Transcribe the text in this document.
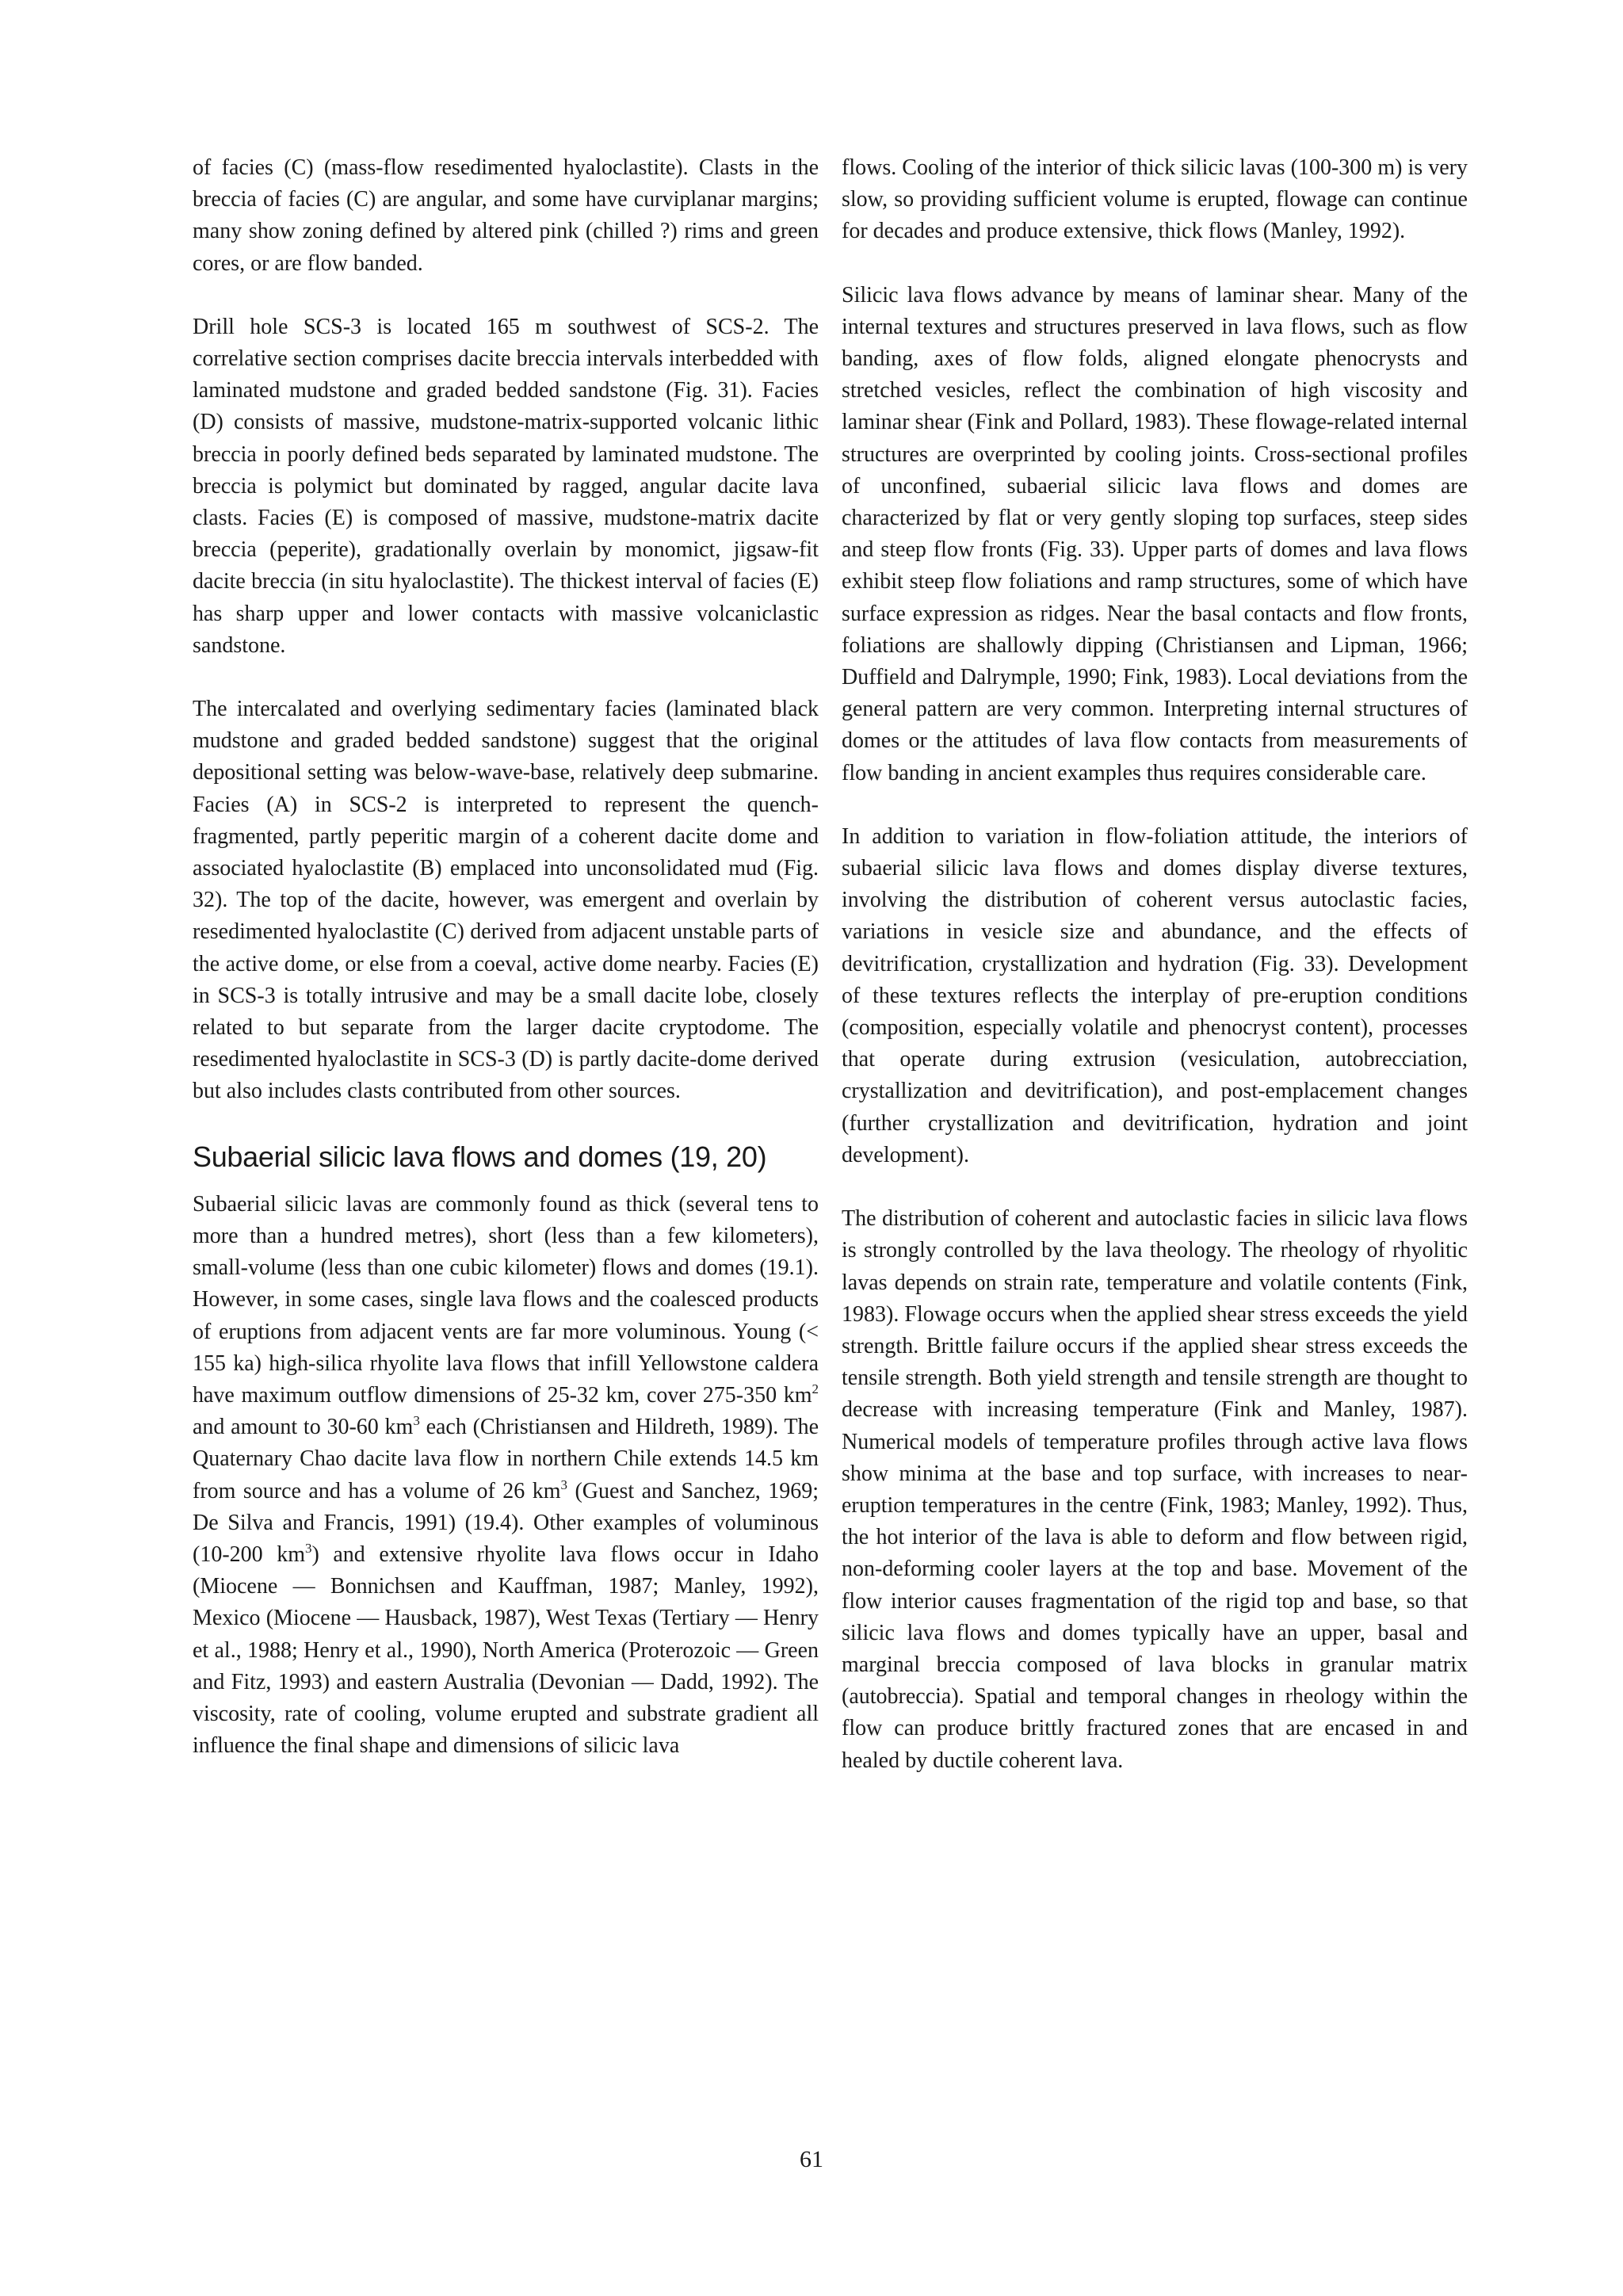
of facies (C) (mass-flow resedimented hyaloclastite). Clasts in the breccia of facies (C) are angular, and some have curviplanar margins; many show zoning defined by altered pink (chilled ?) rims and green cores, or are flow banded.

Drill hole SCS-3 is located 165 m southwest of SCS-2. The correlative section comprises dacite breccia intervals interbedded with laminated mudstone and graded bedded sandstone (Fig. 31). Facies (D) consists of massive, mudstone-matrix-supported volcanic lithic breccia in poorly defined beds separated by laminated mudstone. The breccia is polymict but dominated by ragged, angular dacite lava clasts. Facies (E) is composed of massive, mudstone-matrix dacite breccia (peperite), gradationally overlain by monomict, jigsaw-fit dacite breccia (in situ hyaloclastite). The thickest interval of facies (E) has sharp upper and lower contacts with massive volcaniclastic sandstone.

The intercalated and overlying sedimentary facies (laminated black mudstone and graded bedded sandstone) suggest that the original depositional setting was below-wave-base, relatively deep submarine. Facies (A) in SCS-2 is interpreted to represent the quench-fragmented, partly peperitic margin of a coherent dacite dome and associated hyaloclastite (B) emplaced into unconsolidated mud (Fig. 32). The top of the dacite, however, was emergent and overlain by resedimented hyaloclastite (C) derived from adjacent unstable parts of the active dome, or else from a coeval, active dome nearby. Facies (E) in SCS-3 is totally intrusive and may be a small dacite lobe, closely related to but separate from the larger dacite cryptodome. The resedimented hyaloclastite in SCS-3 (D) is partly dacite-dome derived but also includes clasts contributed from other sources.

Subaerial silicic lava flows and domes (19, 20)

Subaerial silicic lavas are commonly found as thick (several tens to more than a hundred metres), short (less than a few kilometers), small-volume (less than one cubic kilometer) flows and domes (19.1). However, in some cases, single lava flows and the coalesced products of eruptions from adjacent vents are far more voluminous. Young (< 155 ka) high-silica rhyolite lava flows that infill Yellowstone caldera have maximum outflow dimensions of 25-32 km, cover 275-350 $km^2$ and amount to 30-60 $km^3$ each (Christiansen and Hildreth, 1989). The Quaternary Chao dacite lava flow in northern Chile extends 14.5 km from source and has a volume of 26 $km^3$ (Guest and Sanchez, 1969; De Silva and Francis, 1991) (19.4). Other examples of voluminous (10-200 $km^3$) and extensive rhyolite lava flows occur in Idaho (Miocene — Bonnichsen and Kauffman, 1987; Manley, 1992), Mexico (Miocene — Hausback, 1987), West Texas (Tertiary — Henry et al., 1988; Henry et al., 1990), North America (Proterozoic — Green and Fitz, 1993) and eastern Australia (Devonian — Dadd, 1992). The viscosity, rate of cooling, volume erupted and substrate gradient all influence the final shape and dimensions of silicic lava

flows. Cooling of the interior of thick silicic lavas (100-300 m) is very slow, so providing sufficient volume is erupted, flowage can continue for decades and produce extensive, thick flows (Manley, 1992).

Silicic lava flows advance by means of laminar shear. Many of the internal textures and structures preserved in lava flows, such as flow banding, axes of flow folds, aligned elongate phenocrysts and stretched vesicles, reflect the combination of high viscosity and laminar shear (Fink and Pollard, 1983). These flowage-related internal structures are overprinted by cooling joints. Cross-sectional profiles of unconfined, subaerial silicic lava flows and domes are characterized by flat or very gently sloping top surfaces, steep sides and steep flow fronts (Fig. 33). Upper parts of domes and lava flows exhibit steep flow foliations and ramp structures, some of which have surface expression as ridges. Near the basal contacts and flow fronts, foliations are shallowly dipping (Christiansen and Lipman, 1966; Duffield and Dalrymple, 1990; Fink, 1983). Local deviations from the general pattern are very common. Interpreting internal structures of domes or the attitudes of lava flow contacts from measurements of flow banding in ancient examples thus requires considerable care.

In addition to variation in flow-foliation attitude, the interiors of subaerial silicic lava flows and domes display diverse textures, involving the distribution of coherent versus autoclastic facies, variations in vesicle size and abundance, and the effects of devitrification, crystallization and hydration (Fig. 33). Development of these textures reflects the interplay of pre-eruption conditions (composition, especially volatile and phenocryst content), processes that operate during extrusion (vesiculation, autobrecciation, crystallization and devitrification), and post-emplacement changes (further crystallization and devitrification, hydration and joint development).

The distribution of coherent and autoclastic facies in silicic lava flows is strongly controlled by the lava theology. The rheology of rhyolitic lavas depends on strain rate, temperature and volatile contents (Fink, 1983). Flowage occurs when the applied shear stress exceeds the yield strength. Brittle failure occurs if the applied shear stress exceeds the tensile strength. Both yield strength and tensile strength are thought to decrease with increasing temperature (Fink and Manley, 1987). Numerical models of temperature profiles through active lava flows show minima at the base and top surface, with increases to near-eruption temperatures in the centre (Fink, 1983; Manley, 1992). Thus, the hot interior of the lava is able to deform and flow between rigid, non-deforming cooler layers at the top and base. Movement of the flow interior causes fragmentation of the rigid top and base, so that silicic lava flows and domes typically have an upper, basal and marginal breccia composed of lava blocks in granular matrix (autobreccia). Spatial and temporal changes in rheology within the flow can produce brittly fractured zones that are encased in and healed by ductile coherent lava.

61
